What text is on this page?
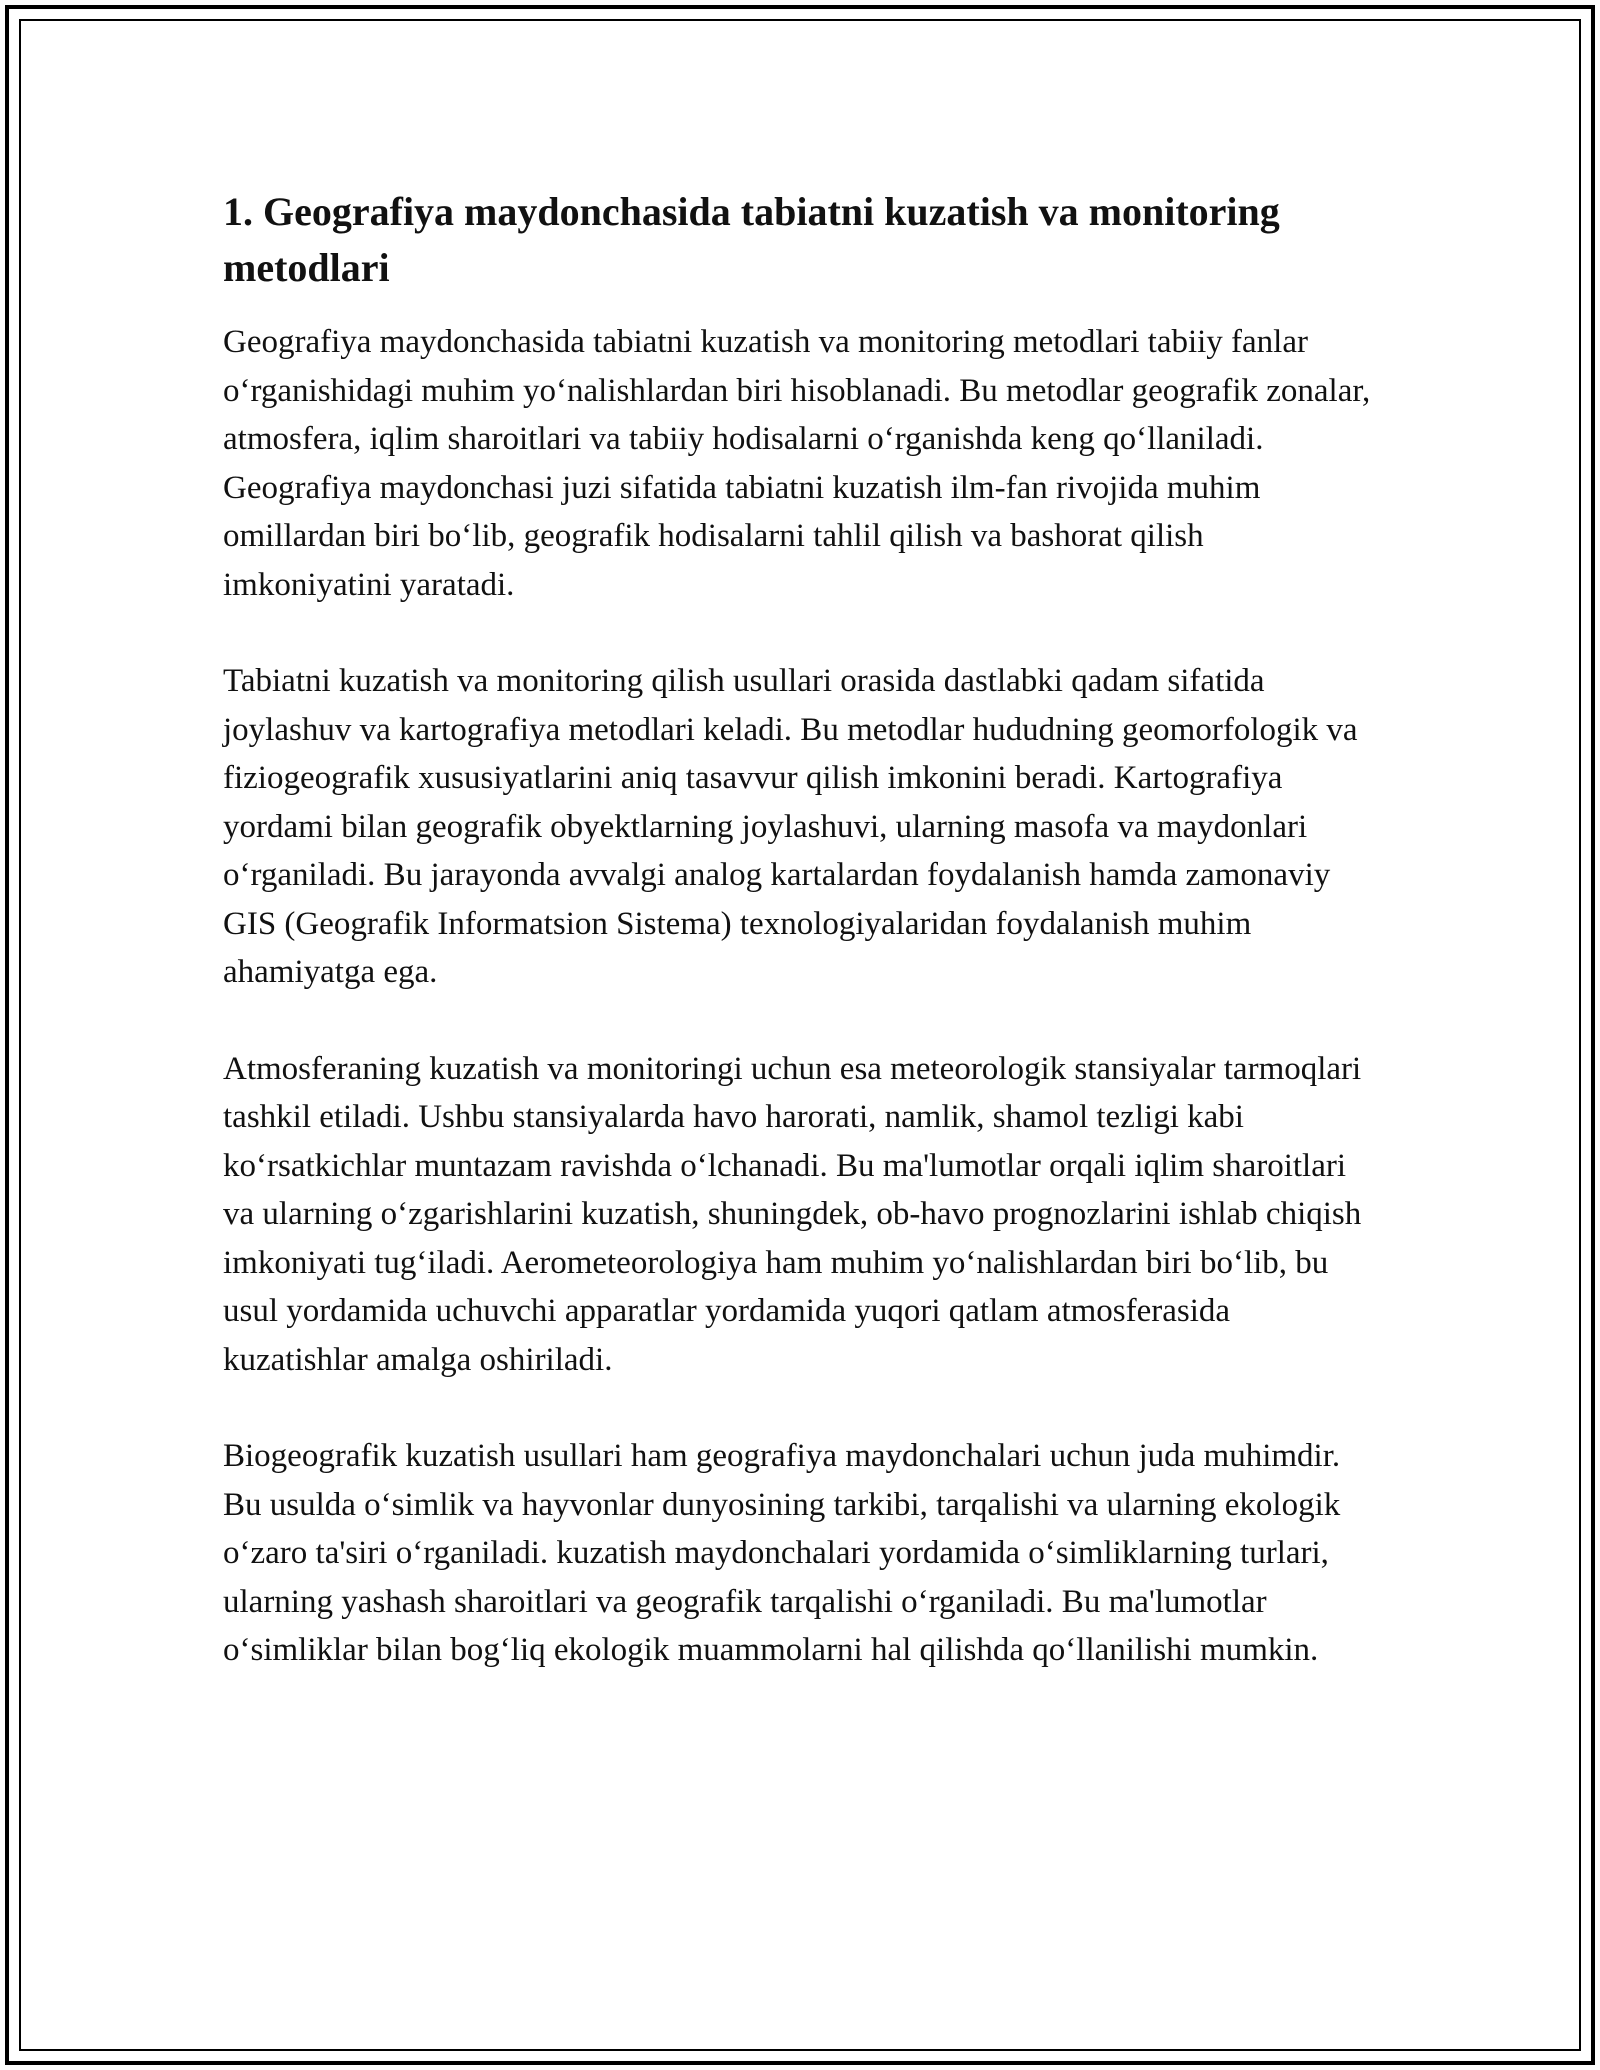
1. Geografiya maydonchasida tabiatni kuzatish va monitoring metodlari

Geografiya maydonchasida tabiatni kuzatish va monitoring metodlari tabiiy fanlar o‘rganishidagi muhim yo‘nalishlardan biri hisoblanadi. Bu metodlar geografik zonalar, atmosfera, iqlim sharoitlari va tabiiy hodisalarni o‘rganishda keng qo‘llaniladi. Geografiya maydonchasi juzi sifatida tabiatni kuzatish ilm-fan rivojida muhim omillardan biri bo‘lib, geografik hodisalarni tahlil qilish va bashorat qilish imkoniyatini yaratadi.

Tabiatni kuzatish va monitoring qilish usullari orasida dastlabki qadam sifatida joylashuv va kartografiya metodlari keladi. Bu metodlar hududning geomorfologik va fiziogeografik xususiyatlarini aniq tasavvur qilish imkonini beradi. Kartografiya yordami bilan geografik obyektlarning joylashuvi, ularning masofa va maydonlari o‘rganiladi. Bu jarayonda avvalgi analog kartalardan foydalanish hamda zamonaviy GIS (Geografik Informatsion Sistema) texnologiyalaridan foydalanish muhim ahamiyatga ega.

Atmosferaning kuzatish va monitoringi uchun esa meteorologik stansiyalar tarmoqlari tashkil etiladi. Ushbu stansiyalarda havo harorati, namlik, shamol tezligi kabi ko‘rsatkichlar muntazam ravishda o‘lchanadi. Bu ma'lumotlar orqali iqlim sharoitlari va ularning o‘zgarishlarini kuzatish, shuningdek, ob-havo prognozlarini ishlab chiqish imkoniyati tug‘iladi. Aerometeorologiya ham muhim yo‘nalishlardan biri bo‘lib, bu usul yordamida uchuvchi apparatlar yordamida yuqori qatlam atmosferasida kuzatishlar amalga oshiriladi.

Biogeografik kuzatish usullari ham geografiya maydonchalari uchun juda muhimdir. Bu usulda o‘simlik va hayvonlar dunyosining tarkibi, tarqalishi va ularning ekologik o‘zaro ta'siri o‘rganiladi. kuzatish maydonchalari yordamida o‘simliklarning turlari, ularning yashash sharoitlari va geografik tarqalishi o‘rganiladi. Bu ma'lumotlar o‘simliklar bilan bog‘liq ekologik muammolarni hal qilishda qo‘llanilishi mumkin.
